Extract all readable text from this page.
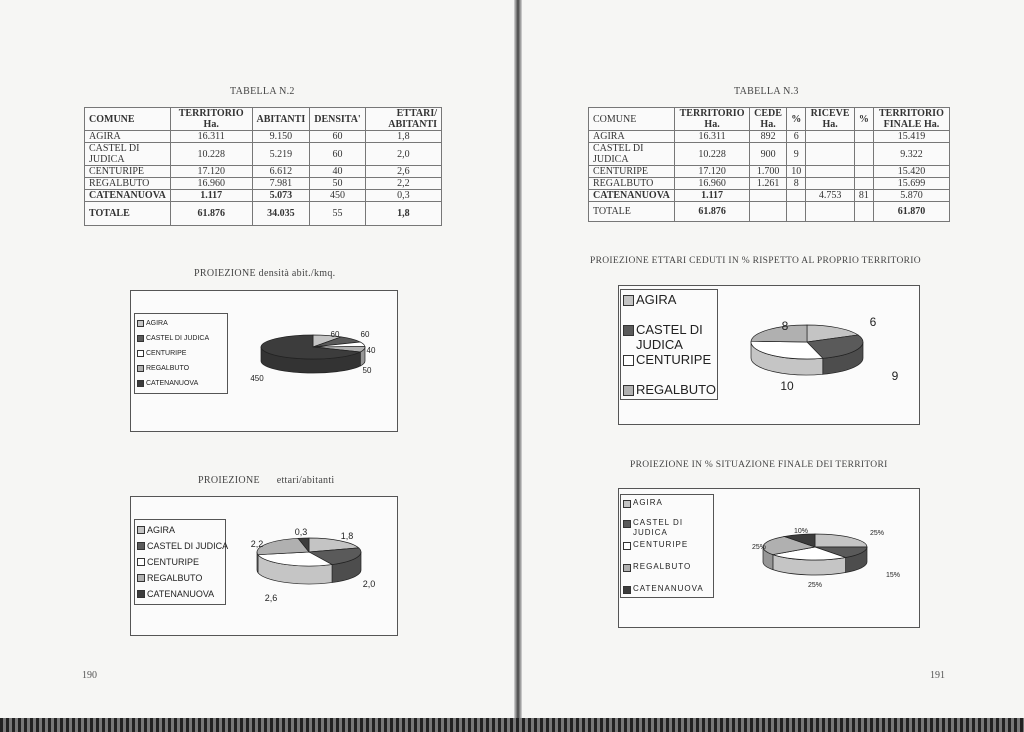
TABELLA N.2
COMUNE	TERRITORIO Ha.	ABITANTI	DENSITA'	ETTARI/ ABITANTI
AGIRA	16.311	9.150	60	1,8
CASTEL DI JUDICA	10.228	5.219	60	2,0
CENTURIPE	17.120	6.612	40	2,6
REGALBUTO	16.960	7.981	50	2,2
CATENANUOVA	1.117	5.073	450	0,3
TOTALE	61.876	34.035	55	1,8
PROIEZIONE densità abit./kmq.
AGIRA
CASTEL DI JUDICA
CENTURIPE
REGALBUTO
CATENANUOVA
60	60
40
50
450
PROIEZIONE ettari/abitanti
AGIRA
CASTEL DI JUDICA
CENTURIPE
REGALBUTO
CATENANUOVA
1,8
2,0
2,6
2,2
0,3
190
TABELLA N.3
COMUNE	TERRITORIO Ha.	CEDE Ha.	%	RICEVE Ha.	%	TERRITORIO FINALE Ha.
AGIRA	16.311	892	6			15.419
CASTEL DI JUDICA	10.228	900	9			9.322
CENTURIPE	17.120	1.700	10			15.420
REGALBUTO	16.960	1.261	8			15.699
CATENANUOVA	1.117			4.753	81	5.870
TOTALE	61.876					61.870
PROIEZIONE ETTARI CEDUTI IN % RISPETTO AL PROPRIO TERRITORIO
AGIRA
CASTEL DI JUDICA
CENTURIPE
REGALBUTO
6
9
10
8
PROIEZIONE IN % SITUAZIONE FINALE DEI TERRITORI
AGIRA
CASTEL DI JUDICA
CENTURIPE
REGALBUTO
CATENANUOVA
25%
15%
25%
25%
10%
191
